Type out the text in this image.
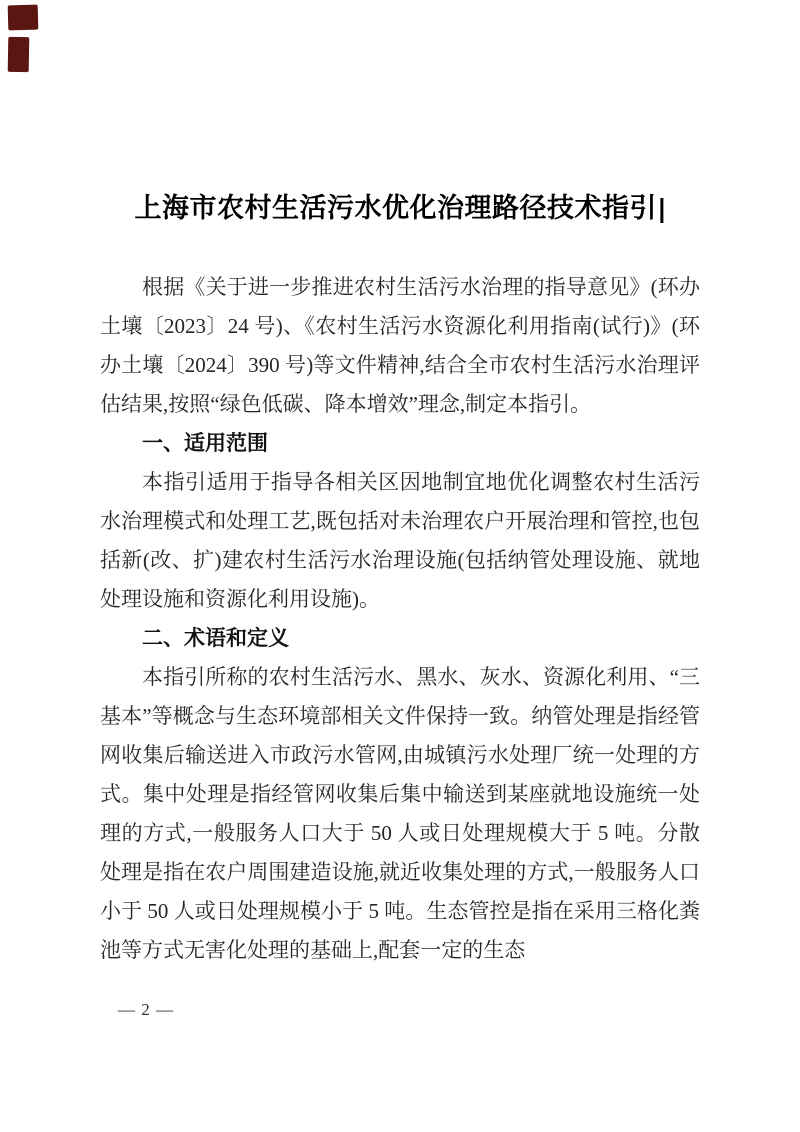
上海市农村生活污水优化治理路径技术指引|

根据《关于进一步推进农村生活污水治理的指导意见》(环办土壤〔2023〕24 号)、《农村生活污水资源化利用指南(试行)》(环办土壤〔2024〕390 号)等文件精神,结合全市农村生活污水治理评估结果,按照“绿色低碳、降本增效”理念,制定本指引。

一、适用范围

本指引适用于指导各相关区因地制宜地优化调整农村生活污水治理模式和处理工艺,既包括对未治理农户开展治理和管控,也包括新(改、扩)建农村生活污水治理设施(包括纳管处理设施、就地处理设施和资源化利用设施)。

二、术语和定义

本指引所称的农村生活污水、黑水、灰水、资源化利用、“三基本”等概念与生态环境部相关文件保持一致。纳管处理是指经管网收集后输送进入市政污水管网,由城镇污水处理厂统一处理的方式。集中处理是指经管网收集后集中输送到某座就地设施统一处理的方式,一般服务人口大于 50 人或日处理规模大于 5 吨。分散处理是指在农户周围建造设施,就近收集处理的方式,一般服务人口小于 50 人或日处理规模小于 5 吨。生态管控是指在采用三格化粪池等方式无害化处理的基础上,配套一定的生态

— 2 —
